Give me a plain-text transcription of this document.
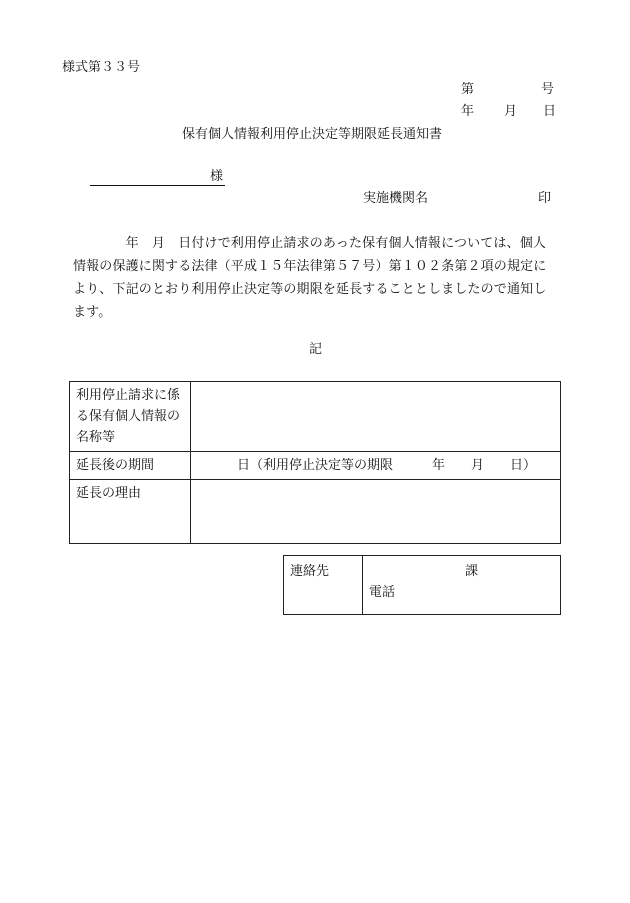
様式第３３号
第	号
年 月 日
保有個人情報利用停止決定等期限延長通知書
様
実施機関名	印

　　　　年　月　日付けで利用停止請求のあった保有個人情報については、個人

情報の保護に関する法律（平成１５年法律第５７号）第１０２条第２項の規定に

より、下記のとおり利用停止決定等の期限を延長することとしましたので通知し

ます。

記
利用停止請求に係
る保有個人情報の
名称等	

延長後の期間	日（利用停止決定等の期限　　　年　　月　　日）
延長の理由	
連絡先	課
電話
